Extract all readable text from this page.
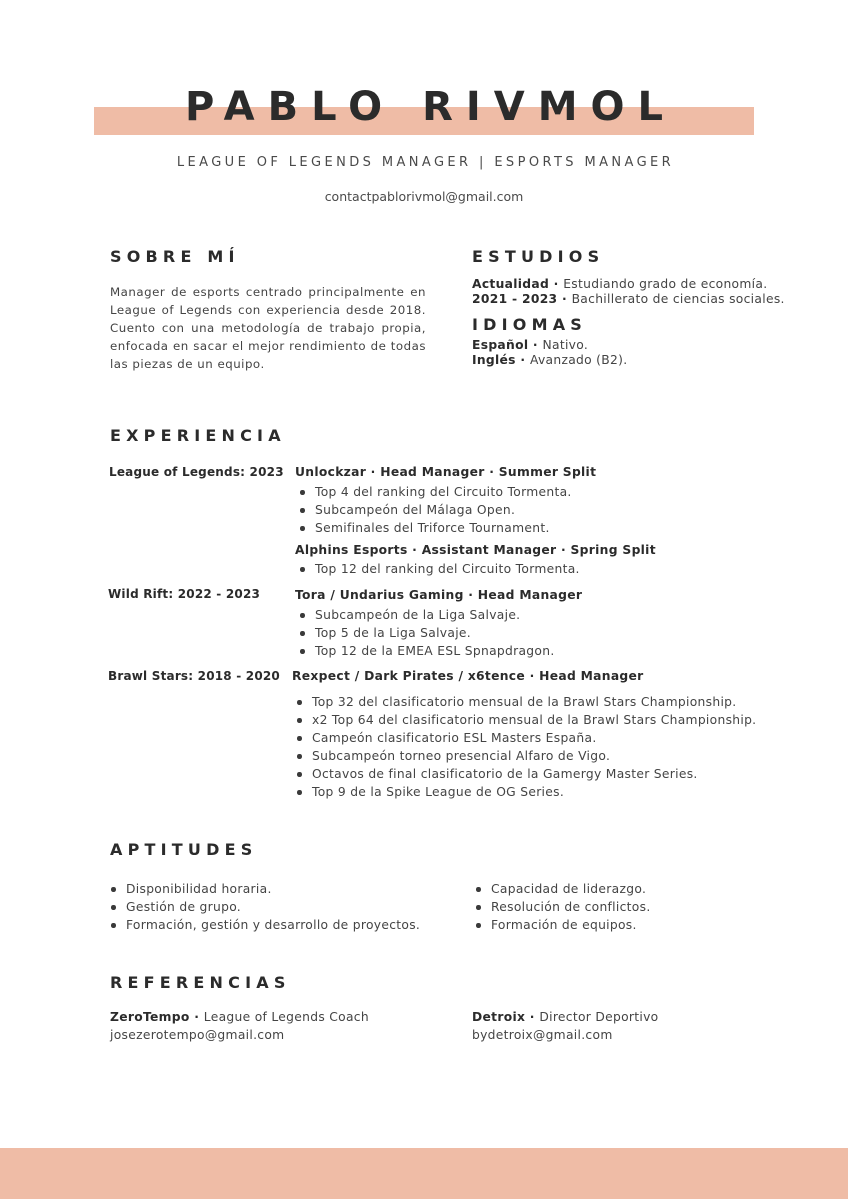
PABLO RIVMOL
LEAGUE OF LEGENDS MANAGER | ESPORTS MANAGER
contactpablorivmol@gmail.com
SOBRE MÍ
Manager de esports centrado principalmente en League of Legends con experiencia desde 2018. Cuento con una metodología de trabajo propia, enfocada en sacar el mejor rendimiento de todas las piezas de un equipo.
ESTUDIOS
Actualidad · Estudiando grado de economía.
2021 - 2023 · Bachillerato de ciencias sociales.
IDIOMAS
Español · Nativo.
Inglés · Avanzado (B2).
EXPERIENCIA
League of Legends: 2023 Unlockzar · Head Manager · Summer Split
Top 4 del ranking del Circuito Tormenta.
Subcampeón del Málaga Open.
Semifinales del Triforce Tournament.
Alphins Esports · Assistant Manager · Spring Split
Top 12 del ranking del Circuito Tormenta.
Wild Rift: 2022 - 2023	Tora / Undarius Gaming · Head Manager
Subcampeón de la Liga Salvaje.
Top 5 de la Liga Salvaje.
Top 12 de la EMEA ESL Spnapdragon.
Brawl Stars: 2018 - 2020 Rexpect / Dark Pirates / x6tence · Head Manager
Top 32 del clasificatorio mensual de la Brawl Stars Championship.
x2 Top 64 del clasificatorio mensual de la Brawl Stars Championship.
Campeón clasificatorio ESL Masters España.
Subcampeón torneo presencial Alfaro de Vigo.
Octavos de final clasificatorio de la Gamergy Master Series.
Top 9 de la Spike League de OG Series.
APTITUDES
Disponibilidad horaria.
Gestión de grupo.
Formación, gestión y desarrollo de proyectos.
Capacidad de liderazgo.
Resolución de conflictos.
Formación de equipos.
REFERENCIAS
ZeroTempo · League of Legends Coach
josezerotempo@gmail.com
Detroix · Director Deportivo
bydetroix@gmail.com
